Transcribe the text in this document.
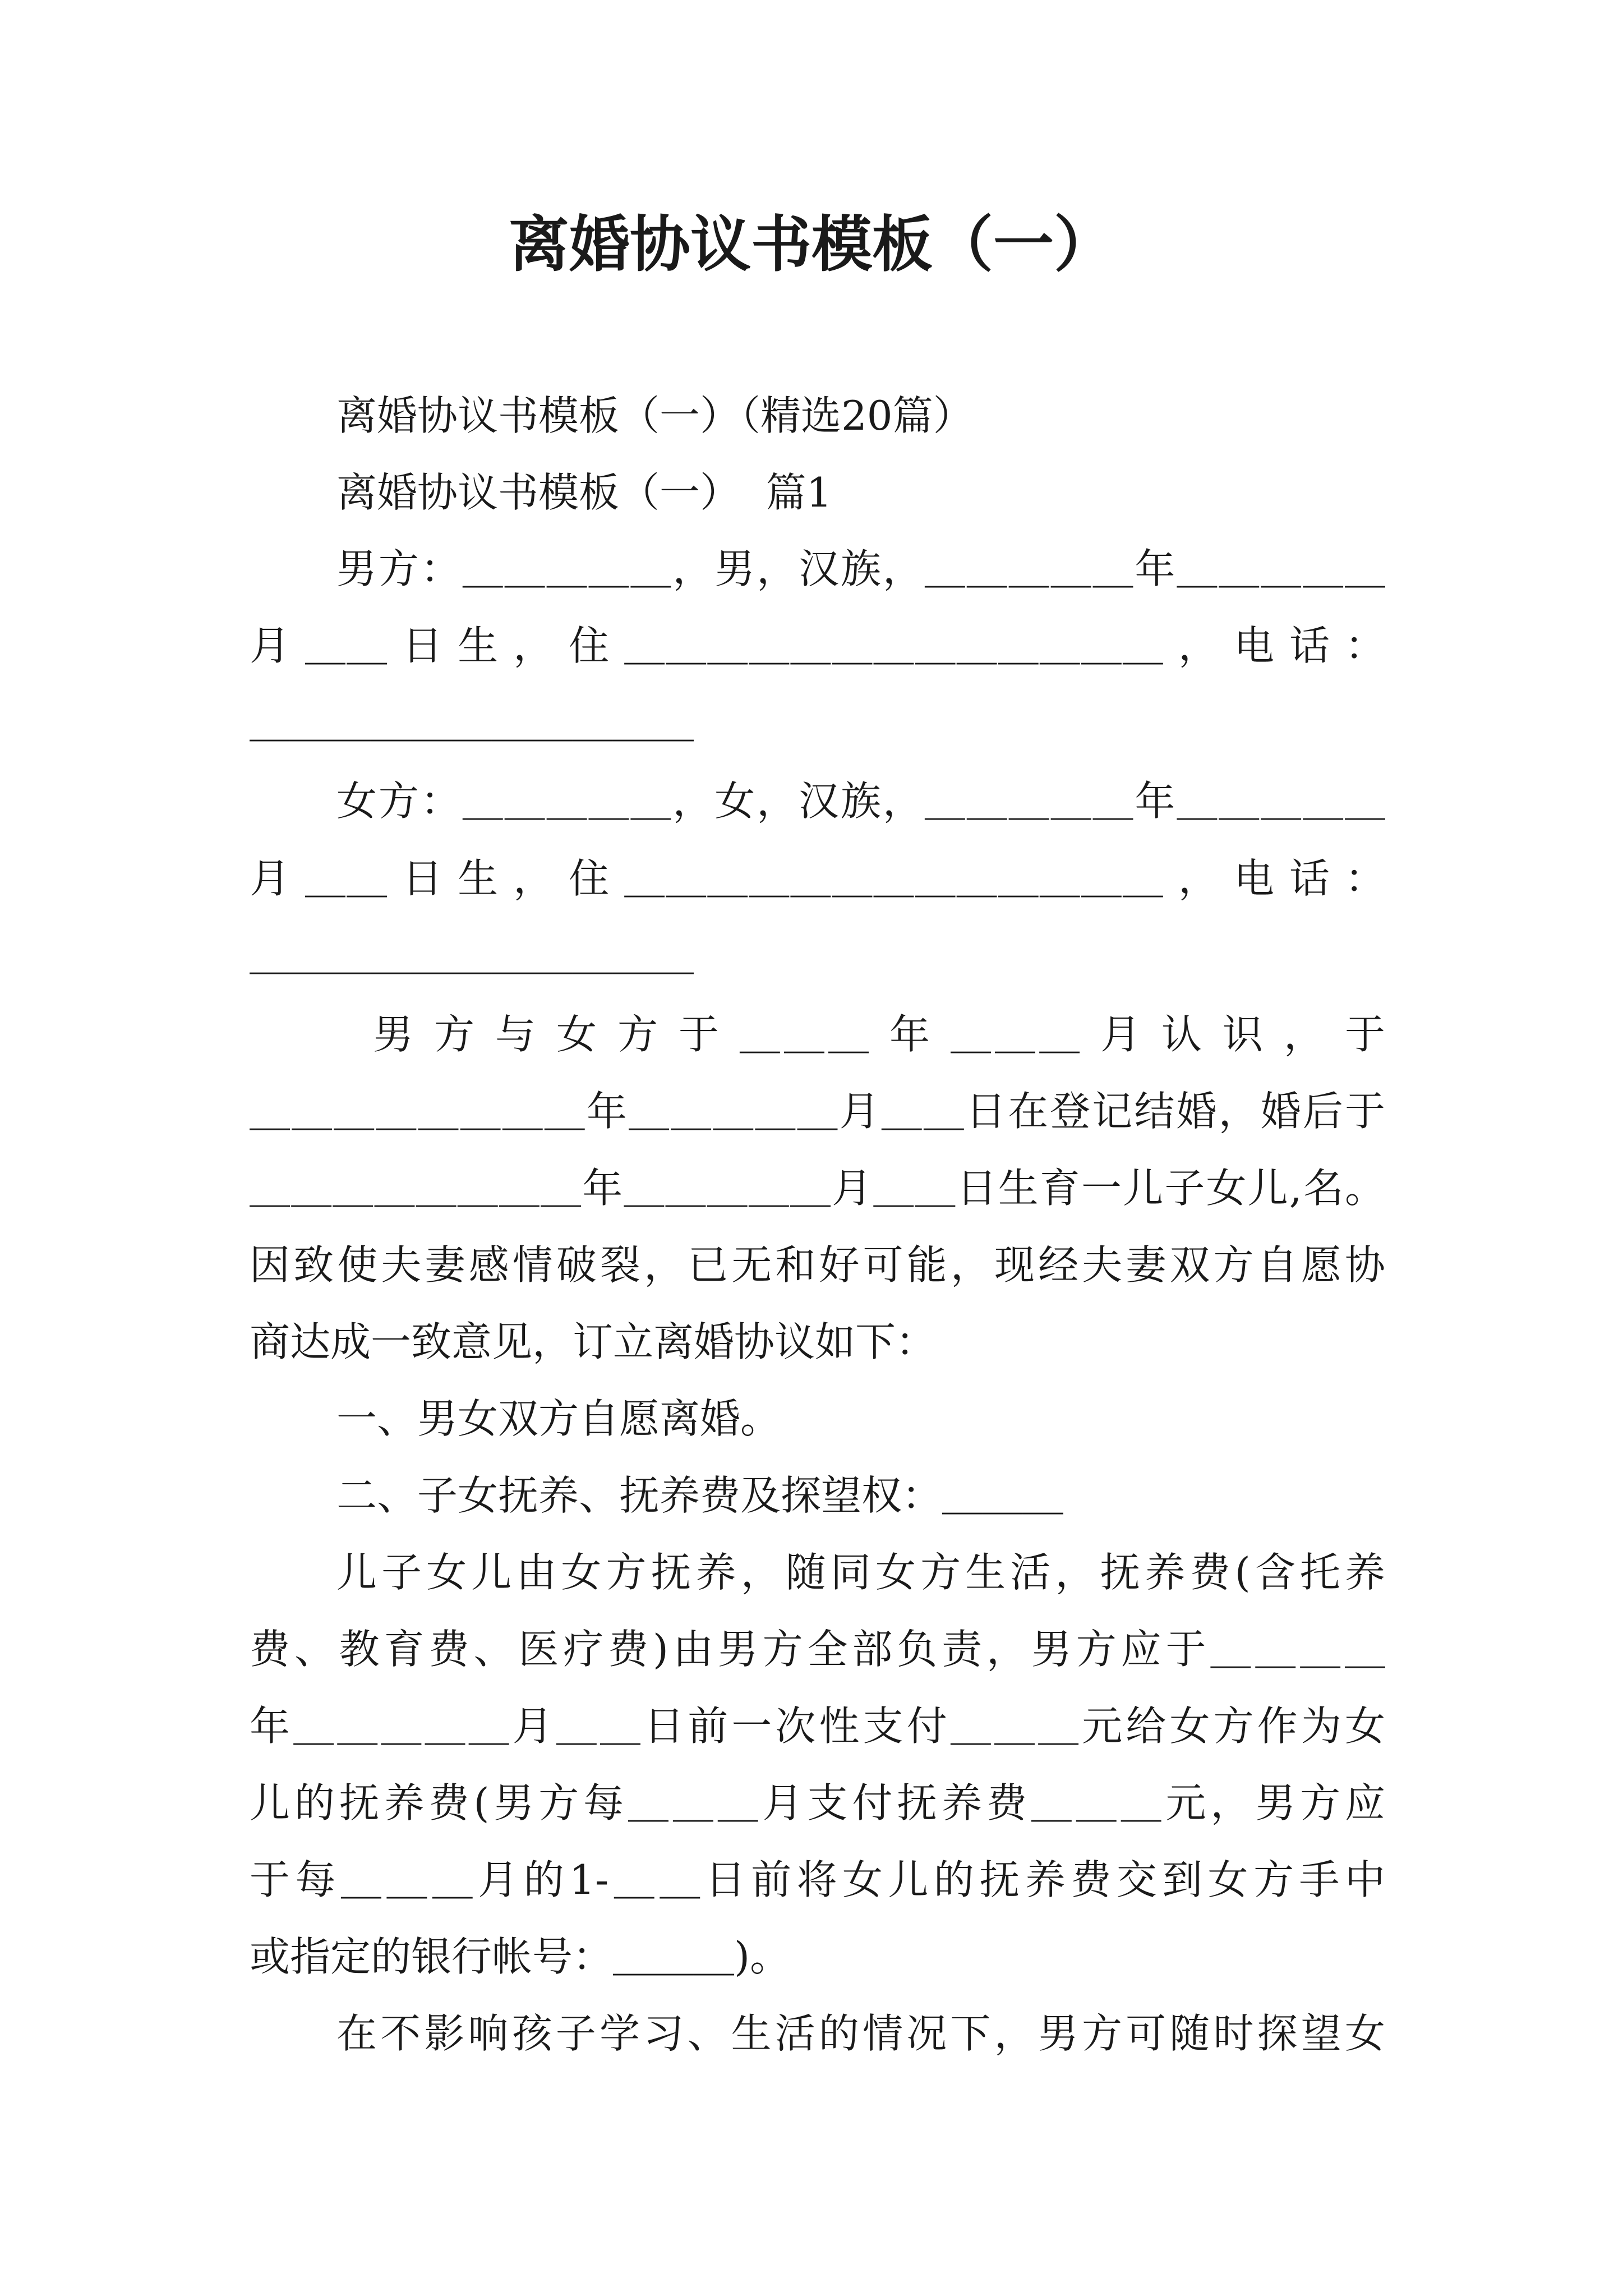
离婚协议书模板（一）
离婚协议书模板（一）（精选20篇）
离婚协议书模板（一）  篇1
男方：＿＿＿＿＿，男，汉族，＿＿＿＿＿年＿＿＿＿＿
月 ＿＿ 日 生 ， 住 ＿＿＿＿＿＿＿＿＿＿＿＿＿ ， 电 话 ：
＿＿＿＿＿＿＿＿＿＿＿
女方：＿＿＿＿＿，女，汉族，＿＿＿＿＿年＿＿＿＿＿
月 ＿＿ 日 生 ， 住 ＿＿＿＿＿＿＿＿＿＿＿＿＿ ， 电 话 ：
＿＿＿＿＿＿＿＿＿＿＿
男 方 与 女 方 于 ＿＿＿ 年 ＿＿＿ 月 认 识 ， 于
＿＿＿＿＿＿＿＿年＿＿＿＿＿月＿＿日在登记结婚，婚后于
＿＿＿＿＿＿＿＿年＿＿＿＿＿月＿＿日生育一儿子女儿,名。
因致使夫妻感情破裂，已无和好可能，现经夫妻双方自愿协
商达成一致意见，订立离婚协议如下：
一、男女双方自愿离婚。
二、子女抚养、抚养费及探望权：＿＿＿
儿子女儿由女方抚养，随同女方生活，抚养费(含托养
费、教育费、医疗费)由男方全部负责，男方应于＿＿＿＿
年＿＿＿＿＿月＿＿日前一次性支付＿＿＿元给女方作为女
儿的抚养费(男方每＿＿＿月支付抚养费＿＿＿元，男方应
于每＿＿＿月的1-＿＿日前将女儿的抚养费交到女方手中
或指定的银行帐号：＿＿＿)。
在不影响孩子学习、生活的情况下，男方可随时探望女
